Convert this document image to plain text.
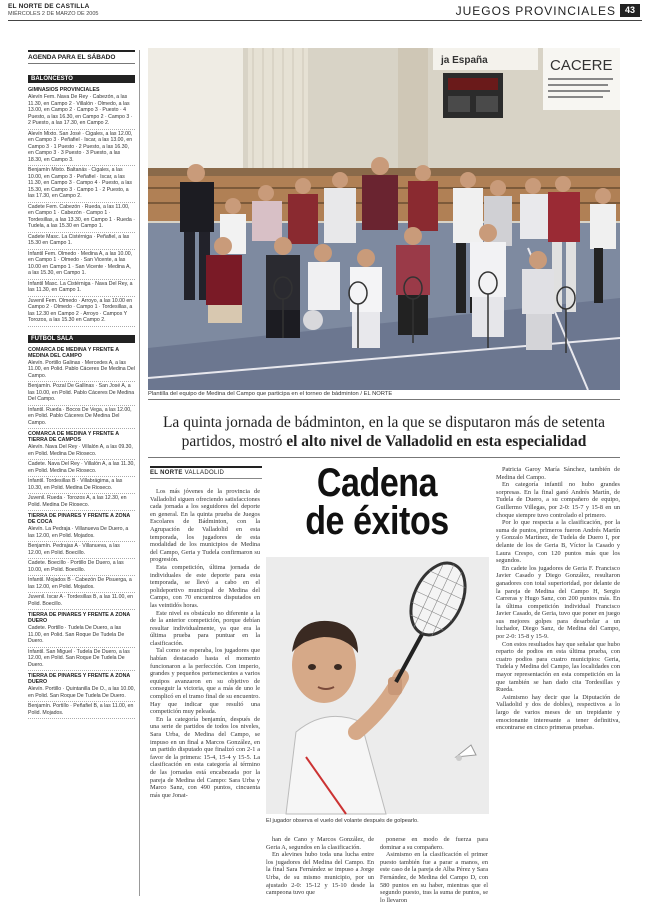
EL NORTE DE CASTILLA
MIÉRCOLES 2 DE MARZO DE 2005	JUEGOS PROVINCIALES 43
AGENDA PARA EL SÁBADO
BALONCESTO
GIMNASIOS PROVINCIALES
Alevín Fem. Nava De Rey · Cabezón, a las 11.30, en Campo 2 · Villalón · Olmedo, a las 13.00, en Campo 2 · Campo 3 · Puesto · 4 Puesto, a las 16.30, en Campo 2 · Campo 3 · 2 Puesto, a las 17.30, en Campo 2.
Alevín Mixto. San José · Cigales, a las 12.00, en Campo 3 · Peñafiel · Iscar, a las 13.00, en Campo 3 · 1 Puesto · 2 Puesto, a las 16.30, en Campo 3 · 3 Puesto · 3 Puesto, a las 18.30, en Campo 3.
Benjamín Mixto. Baltanás · Cigales, a las 10.00, en Campo 3 · Peñafiel · Iscar, a las 11.30, en Campo 3 · Campo 4 · Puesto, a las 15.30, en Campo 3 · Campo 1 · 2 Puesto, a las 17.30, en Campo 2.
Cadete Fem. Cabezón · Rueda, a las 11.00, en Campo 1 · Cabezón · Campo 1 · Tordesillas, a las 13.30, en Campo 1 · Rueda · Tudela, a las 15.30 en Campo 1.
Cadete Masc. La Cistérniga · Peñafiel, a las 15.30 en Campo 1.
Infantil Fem. Olmedo · Medina A, a las 10.00, en Campo 1 · Olmedo · San Vicente, a las 10.00 en Campo 1 · San Vicente · Medina A, a las 15.30, en Campo 1.
Infantil Masc. La Cistérniga · Nava Del Rey, a las 11.30, en Campo 1.
Juvenil Fem. Olmedo · Arroyo, a las 10.00 en Campo 2 · Olmedo · Campo 1 · Tordesillas, a las 12.30 en Campo 2 · Arroyo · Campos Y Torozos, a las 15.30 en Campo 2.
FÚTBOL SALA
COMARCA DE MEDINA Y FRENTE A MEDINA DEL CAMPO
Alevín. Portillo Galinas · Mercedes A, a las 11.00, en Polid. Pablo Cáceres De Medina Del Campo.
Benjamín. Pozal De Gallinas · San José A, a las 10.00, en Polid. Pablo Cáceres De Medina Del Campo.
Infantil. Rueda · Bocos De Vega, a las 12.00, en Polid. Pablo Cáceres De Medina Del Campo.
COMARCA DE MEDINA Y FRENTE A TIERRA DE CAMPOS
Alevín. Nava Del Rey · Villalón A, a las 09.30, en Polid. Medina De Rioseco.
Cadete. Nava Del Rey · Villalón A, a las 11.30, en Polid. Medina De Rioseco.
Infantil. Tordesillas B · Villabrágima, a las 10.30, en Polid. Medina De Rioseco.
Juvenil. Rueda · Torozos A, a las 12.30, en Polid. Medina De Rioseco.
TIERRA DE PINARES Y FRENTE A ZONA DE COCA
Alevín. La Pedraja · Villanueva De Duero, a las 12.00, en Polid. Mojados.
Benjamín. Pedrajas A · Villanueva, a las 12.00, en Polid. Boecillo.
Cadete. Boecillo · Portillo De Duero, a las 10.00, en Polid. Boecillo.
Infantil. Mojados B · Cabezón De Pisuerga, a las 12.00, en Polid. Mojados.
Juvenil. Iscar A · Tordesillas B, a las 11.00, en Polid. Boecillo.
TIERRA DE PINARES Y FRENTE A ZONA DUERO
Cadete. Portillo · Tudela De Duero, a las 11.00, en Polid. San Roque De Tudela De Duero.
Infantil. San Miguel · Tudela De Duero, a las 12.00, en Polid. San Roque De Tudela De Duero.
TIERRA DE PINARES Y FRENTE A ZONA DUERO
Alevín. Portillo · Quintanilla De O., a las 10.00, en Polid. San Roque De Tudela De Duero.
Benjamín. Portillo · Peñafiel B, a las 11.00, en Polid. Mojados.
ja España	CACERE
Plantilla del equipo de Medina del Campo que participa en el torneo de bádminton / EL NORTE
La quinta jornada de bádminton, en la que se disputaron más de setenta partidos, mostró el alto nivel de Valladolid en esta especialidad
EL NORTE VALLADOLID	Cadena
de éxitos

Los más jóvenes de la provincia de Valladolid siguen ofreciendo satisfacciones cada jornada a los seguidores del deporte en general. En la quinta prueba de Juegos Escolares de Bádminton, con la Agrupación de Valladolid en esta temporada, los jugadores de esta modalidad de los municipios de Medina del Campo, Geria y Tudela confirmaron su progresión.

Esta competición, última jornada de individuales de este deporte para esta temporada, se llevó a cabo en el polideportivo municipal de Medina del Campo, con 70 encuentros disputados en las veintidós horas.

Este nivel es obstáculo no diferente a la de la anterior competición, porque debían resultar individualmente, ya que era la última prueba para puntuar en la clasificación.

Tal como se esperaba, los jugadores que habían destacado hasta el momento funcionaron a la perfección. Con imperio, grandes y pequeños pertenecientes a varios equipos avanzaron en su objetivo de conseguir la victoria, que a más de uno le complicó en el tramo final de su encuentro. Hay que indicar que resultó una competición muy peleada.

En la categoría benjamín, después de una serie de partidos de todos los niveles, Sara Urba, de Medina del Campo, se impuso en un final a Marcos González, en un partido disputado que finalizó con 2-1 a favor de la primera: 15-4, 15-4 y 15-5. La clasificación en esta categoría al término de las jornadas está encabezada por la pareja de Medina del Campo: Sara Urba y Marco Sanz, con 490 puntos, cincuenta más que Jonat-

han de Cano y Marcos González, de Geria A, segundos en la clasificación.

En alevines hubo toda una lucha entre los jugadores del Medina del Campo. En la final Sara Fernández se impuso a Jorge Urba, de su mismo municipio, por un ajustado 2-0: 15-12 y 15-10 desde la campeona tuvo que

ponerse en modo de fuerza para dominar a su compañero.

Asimismo en la clasificación el primer puesto también fue a parar a manos, en este caso de la pareja de Alba Pérez y Sara Fernández, de Medina del Campo D, con 580 puntos en su haber, mientras que el segundo puesto, tras la suma de puntos, se lo llevaron

Patricia Garoy María Sánchez, también de Medina del Campo.

En categoría infantil no hubo grandes sorpresas. En la final ganó Andrés Martín, de Tudela de Duero, a su compañero de equipo, Guillermo Villegas, por 2-0: 15-7 y 15-8 en un choque siempre tuvo controlado el primero.

Por lo que respecta a la clasificación, por la suma de puntos, primeros fueron Andrés Martín y Gonzalo Martínez, de Tudela de Duero I, por delante de los de Geria B, Víctor la Casado y Laura Crespo, con 120 puntos más que los segundos.

En cadete los jugadores de Geria F. Francisco Javier Casado y Diego González, resultaron ganadores con total superioridad, por delante de la pareja de Medina del Campo H, Sergio Carreras y Hugo Sanz, con 200 puntos más. En la última competición individual Francisco Javier Casado, de Geria, tuvo que poner en juego sus mejores golpes para desarbolar a un luchador, Diego Sanz, de Medina del Campo, por 2-0: 15-8 y 15-9.

Con estos resultados hay que señalar que hubo reparto de podios en esta última prueba, con cuatro podios para cuatro municipios: Geria, Tudela y Medina del Campo, las localidades con mayor representación en esta competición en la que también se han dado cita Tordesillas y Rueda.

Asimismo hay decir que la Diputación de Valladolid y dos de dobles), respectivos a lo largo de varios meses de un trepidante y emocionante interesante a tener definitiva, encontrarse en cinco primeras pruebas.

El jugador observa el vuelo del volante después de golpearlo.
